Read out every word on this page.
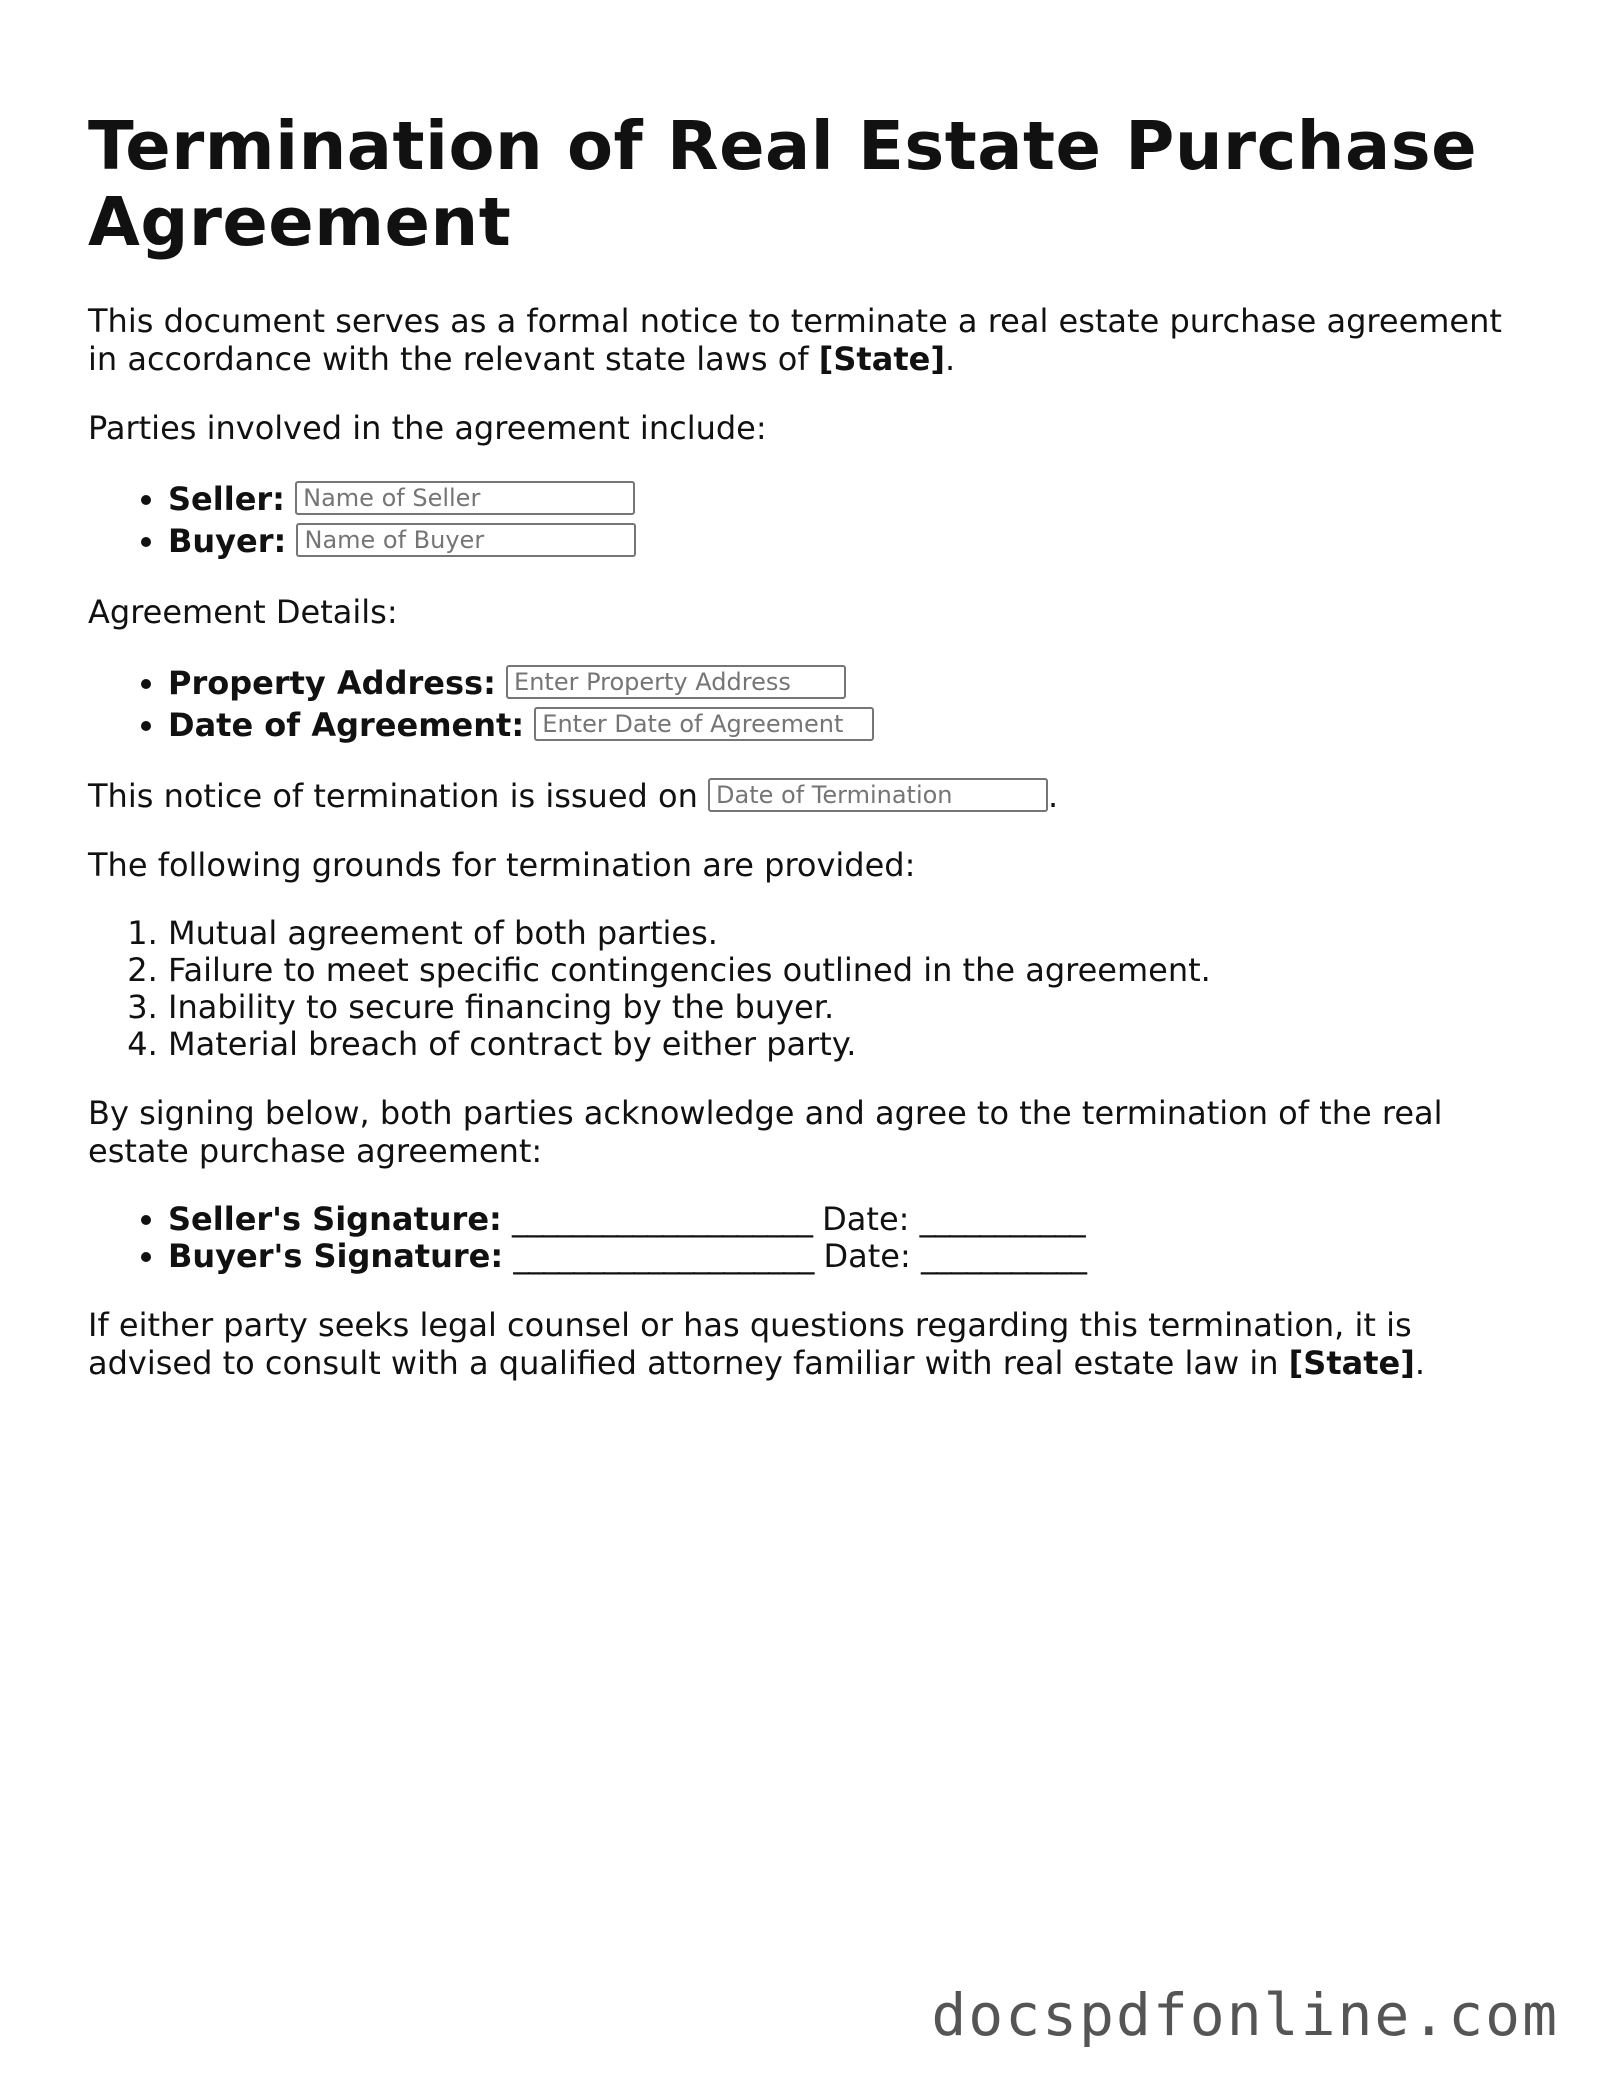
Termination of Real Estate Purchase Agreement

This document serves as a formal notice to terminate a real estate purchase agreement in accordance with the relevant state laws of [State].

Parties involved in the agreement include:

• Seller: Name of Seller
• Buyer: Name of Buyer

Agreement Details:

• Property Address: Enter Property Address
• Date of Agreement: Enter Date of Agreement

This notice of termination is issued on Date of Termination	.

The following grounds for termination are provided:

1. Mutual agreement of both parties.
2. Failure to meet specific contingencies outlined in the agreement.
3. Inability to secure financing by the buyer.
4. Material breach of contract by either party.

By signing below, both parties acknowledge and agree to the termination of the real estate purchase agreement:

• Seller's Signature: ____________________ Date: ___________
• Buyer's Signature: ____________________ Date: ___________

If either party seeks legal counsel or has questions regarding this termination, it is advised to consult with a qualified attorney familiar with real estate law in [State].

docspdfonline.com
